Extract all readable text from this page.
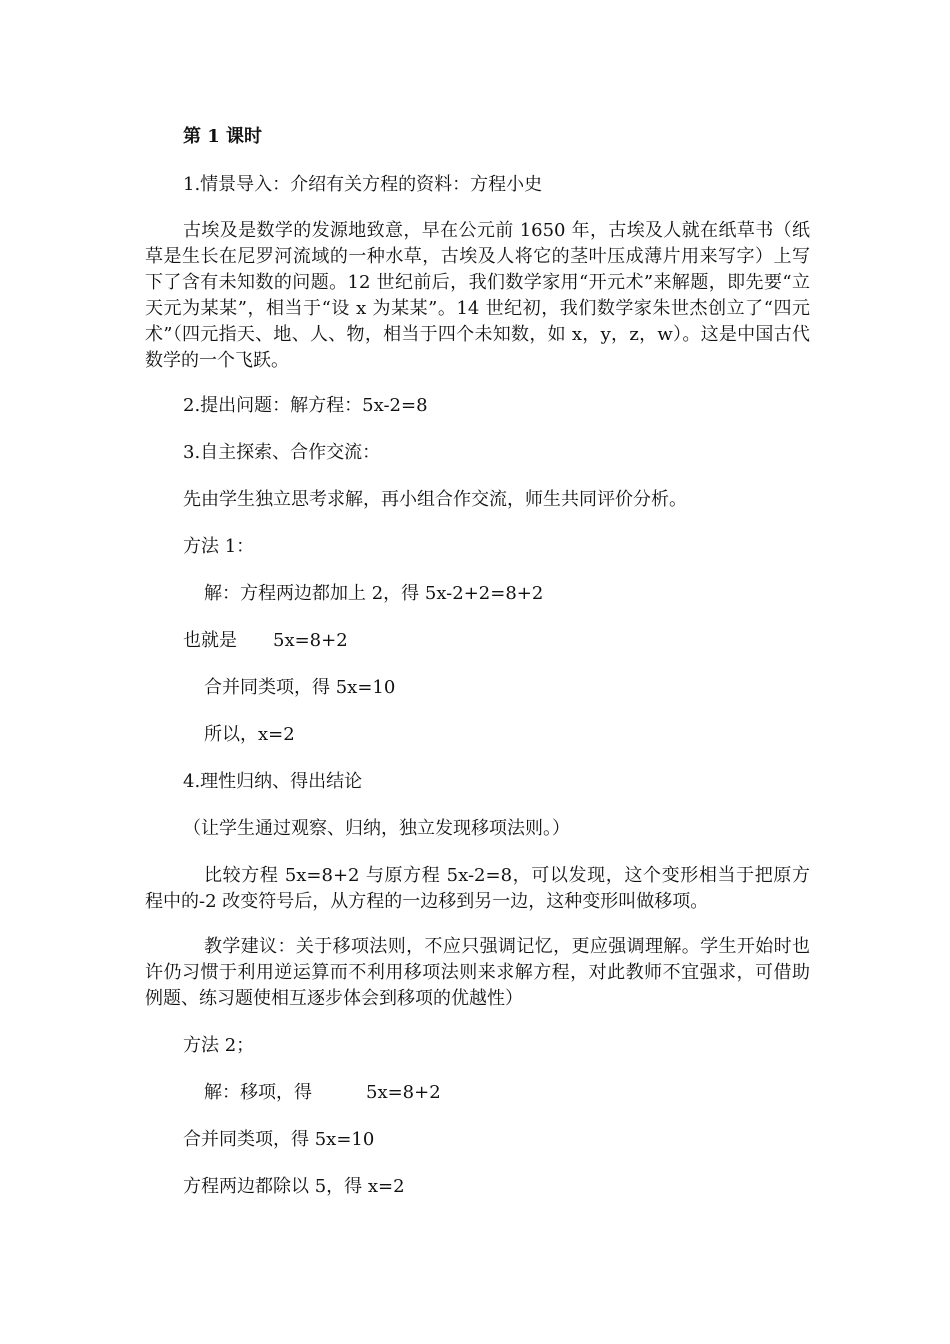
第 1 课时
1.情景导入：介绍有关方程的资料：方程小史
古埃及是数学的发源地致意，早在公元前 1650 年，古埃及人就在纸草书（纸草是生长在尼罗河流域的一种水草，古埃及人将它的茎叶压成薄片用来写字）上写下了含有未知数的问题。12 世纪前后，我们数学家用“开元术”来解题，即先要“立天元为某某”，相当于“设 x 为某某”。14 世纪初，我们数学家朱世杰创立了“四元术”（四元指天、地、人、物，相当于四个未知数，如 x，y，z，w）。这是中国古代数学的一个飞跃。
2.提出问题：解方程：5x-2=8
3.自主探索、合作交流：
先由学生独立思考求解，再小组合作交流，师生共同评价分析。
方法 1：
解：方程两边都加上 2，得 5x-2+2=8+2
也就是　　5x=8+2
合并同类项，得 5x=10
所以，x=2
4.理性归纳、得出结论
（让学生通过观察、归纳，独立发现移项法则。）
比较方程 5x=8+2 与原方程 5x-2=8，可以发现，这个变形相当于把原方程中的-2 改变符号后，从方程的一边移到另一边，这种变形叫做移项。
教学建议：关于移项法则，不应只强调记忆，更应强调理解。学生开始时也许仍习惯于利用逆运算而不利用移项法则来求解方程，对此教师不宜强求，可借助例题、练习题使相互逐步体会到移项的优越性）
方法 2；
解：移项，得　　　5x=8+2
合并同类项，得 5x=10
方程两边都除以 5，得 x=2
